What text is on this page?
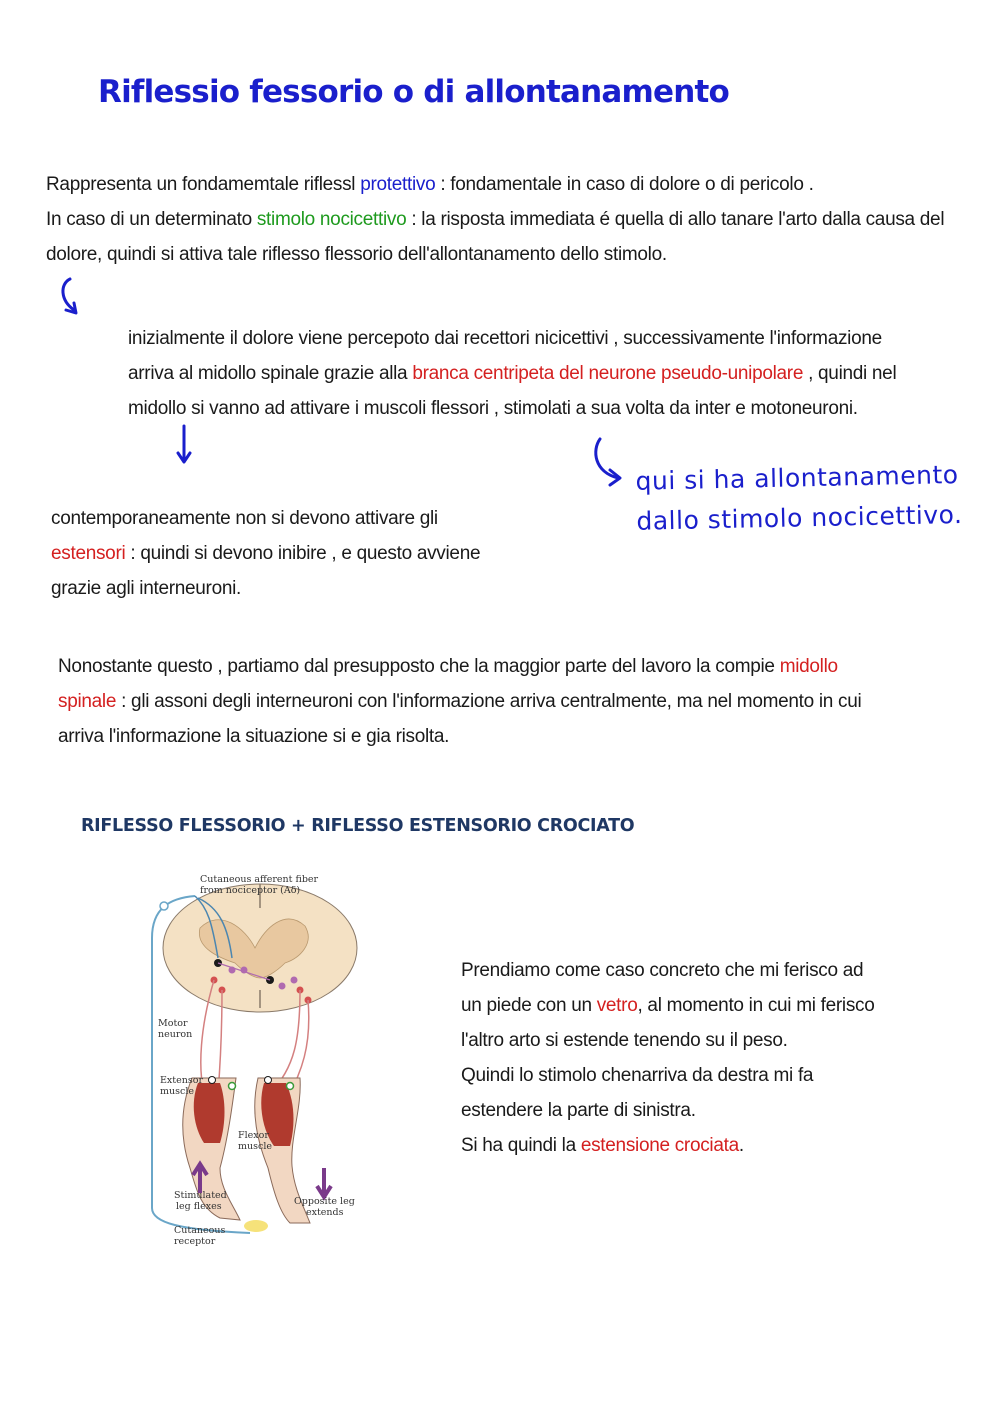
Riflessio fessorio o di allontanamento
Rappresenta un fondamemtale riflessl protettivo : fondamentale in caso di dolore o di pericolo .
In caso di un determinato stimolo nocicettivo : la risposta immediata é quella di allo tanare l'arto dalla causa del dolore, quindi si attiva tale riflesso flessorio dell'allontanamento dello stimolo.
inizialmente il dolore viene percepoto dai recettori nicicettivi , successivamente l'informazione arriva al midollo spinale grazie alla branca centripeta del neurone pseudo-unipolare , quindi nel midollo si vanno ad attivare i muscoli flessori , stimolati a sua volta da inter e motoneuroni.
qui si ha allontanamento
dallo stimolo nocicettivo.
contemporaneamente non si devono attivare gli estensori : quindi si devono inibire , e questo avviene grazie agli interneuroni.
Nonostante questo , partiamo dal presupposto che la maggior parte del lavoro la compie midollo spinale : gli assoni degli interneuroni con l'informazione arriva centralmente, ma nel momento in cui arriva l'informazione la situazione si e gia risolta.
RIFLESSO FLESSORIO + RIFLESSO ESTENSORIO CROCIATO
Cutaneous afferent fiber
from nociceptor (Aδ)
Motor
neuron
Extensor
muscle
Flexor
muscle
Stimulated
leg flexes	Opposite leg
extends
Cutaneous
receptor
Prendiamo come caso concreto che mi ferisco ad un piede con un vetro, al momento in cui mi ferisco l'altro arto si estende tenendo su il peso.
Quindi lo stimolo chenarriva da destra mi fa estendere la parte di sinistra.
Si ha quindi la estensione crociata.
